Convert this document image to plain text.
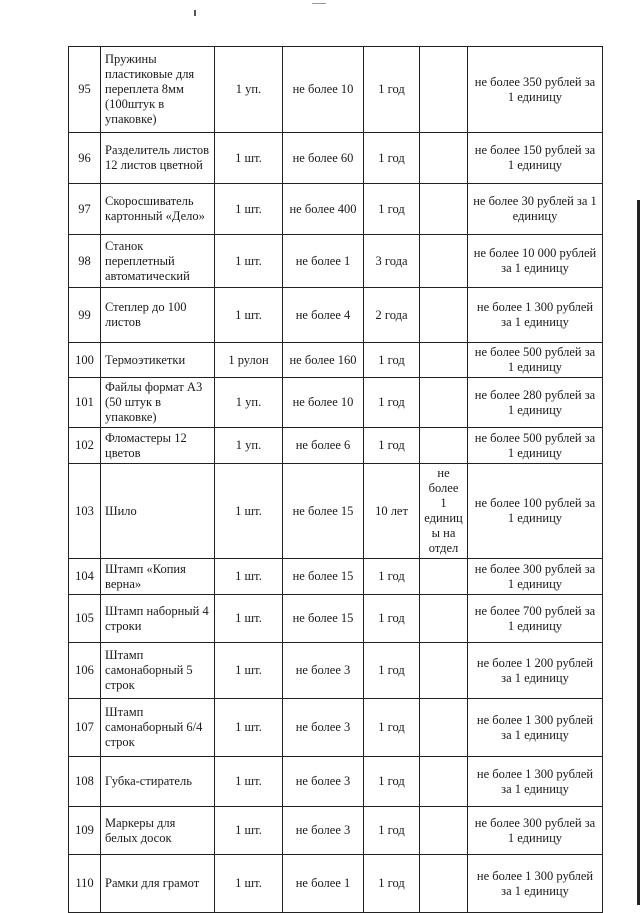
95	Пружины пластиковые для переплета 8мм (100штук в упаковке)	1 уп.	не более 10	1 год		не более 350 рублей за 1 единицу
96	Разделитель листов 12 листов цветной	1 шт.	не более 60	1 год		не более 150 рублей за 1 единицу
97	Скоросшиватель картонный «Дело»	1 шт.	не более 400	1 год		не более 30 рублей за 1 единицу
98	Станок переплетный автоматический	1 шт.	не более 1	3 года		не более 10 000 рублей за 1 единицу
99	Степлер до 100 листов	1 шт.	не более 4	2 года		не более 1 300 рублей за 1 единицу
100	Термоэтикетки	1 рулон	не более 160	1 год		не более 500 рублей за 1 единицу
101	Файлы формат А3 (50 штук в упаковке)	1 уп.	не более 10	1 год		не более 280 рублей за 1 единицу
102	Фломастеры 12 цветов	1 уп.	не более 6	1 год		не более 500 рублей за 1 единицу
103	Шило	1 шт.	не более 15	10 лет	не более 1 единиц ы на отдел	не более 100 рублей за 1 единицу
104	Штамп «Копия верна»	1 шт.	не более 15	1 год		не более 300 рублей за 1 единицу
105	Штамп наборный 4 строки	1 шт.	не более 15	1 год		не более 700 рублей за 1 единицу
106	Штамп самонаборный 5 строк	1 шт.	не более 3	1 год		не более 1 200 рублей за 1 единицу
107	Штамп самонаборный 6/4 строк	1 шт.	не более 3	1 год		не более 1 300 рублей за 1 единицу
108	Губка-стиратель	1 шт.	не более 3	1 год		не более 1 300 рублей за 1 единицу
109	Маркеры для белых досок	1 шт.	не более 3	1 год		не более 300 рублей за 1 единицу
110	Рамки для грамот	1 шт.	не более 1	1 год		не более 1 300 рублей за 1 единицу
